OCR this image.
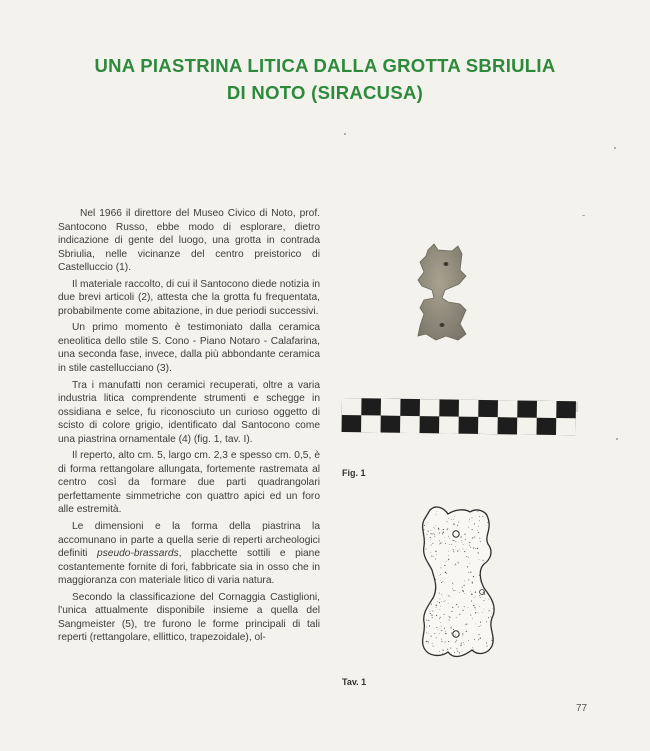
UNA PIASTRINA LITICA DALLA GROTTA SBRIULIA
DI NOTO (SIRACUSA)

Nel 1966 il direttore del Museo Civico di Noto, prof. Santocono Russo, ebbe modo di esplorare, dietro indicazione di gente del luogo, una grotta in contrada Sbriulia, nelle vicinanze del centro preistorico di Castelluccio (1).

Il materiale raccolto, di cui il Santocono diede notizia in due brevi articoli (2), attesta che la grotta fu frequentata, probabilmente come abitazione, in due periodi successivi.

Un primo momento è testimoniato dalla ceramica eneolitica dello stile S. Cono - Piano Notaro - Calafarina, una seconda fase, invece, dalla più abbondante ceramica in stile castellucciano (3).

Tra i manufatti non ceramici recuperati, oltre a varia industria litica comprendente strumenti e schegge in ossidiana e selce, fu riconosciuto un curioso oggetto di scisto di colore grigio, identificato dal Santocono come una piastrina ornamentale (4) (fig. 1, tav. I).

Il reperto, alto cm. 5, largo cm. 2,3 e spesso cm. 0,5, è di forma rettangolare allungata, fortemente rastremata al centro così da formare due parti quadrangolari perfettamente simmetriche con quattro apici ed un foro alle estremità.

Le dimensioni e la forma della piastrina la accomunano in parte a quella serie di reperti archeologici definiti pseudo-brassards, placchette sottili e piane costantemente fornite di fori, fabbricate sia in osso che in maggioranza con materiale litico di varia natura.

Secondo la classificazione del Cornaggia Castiglioni, l'unica attualmente disponibile insieme a quella del Sangmeister (5), tre furono le forme principali di tali reperti (rettangolare, ellittico, trapezoidale), ol-

Fig. 1
Tav. 1
77
